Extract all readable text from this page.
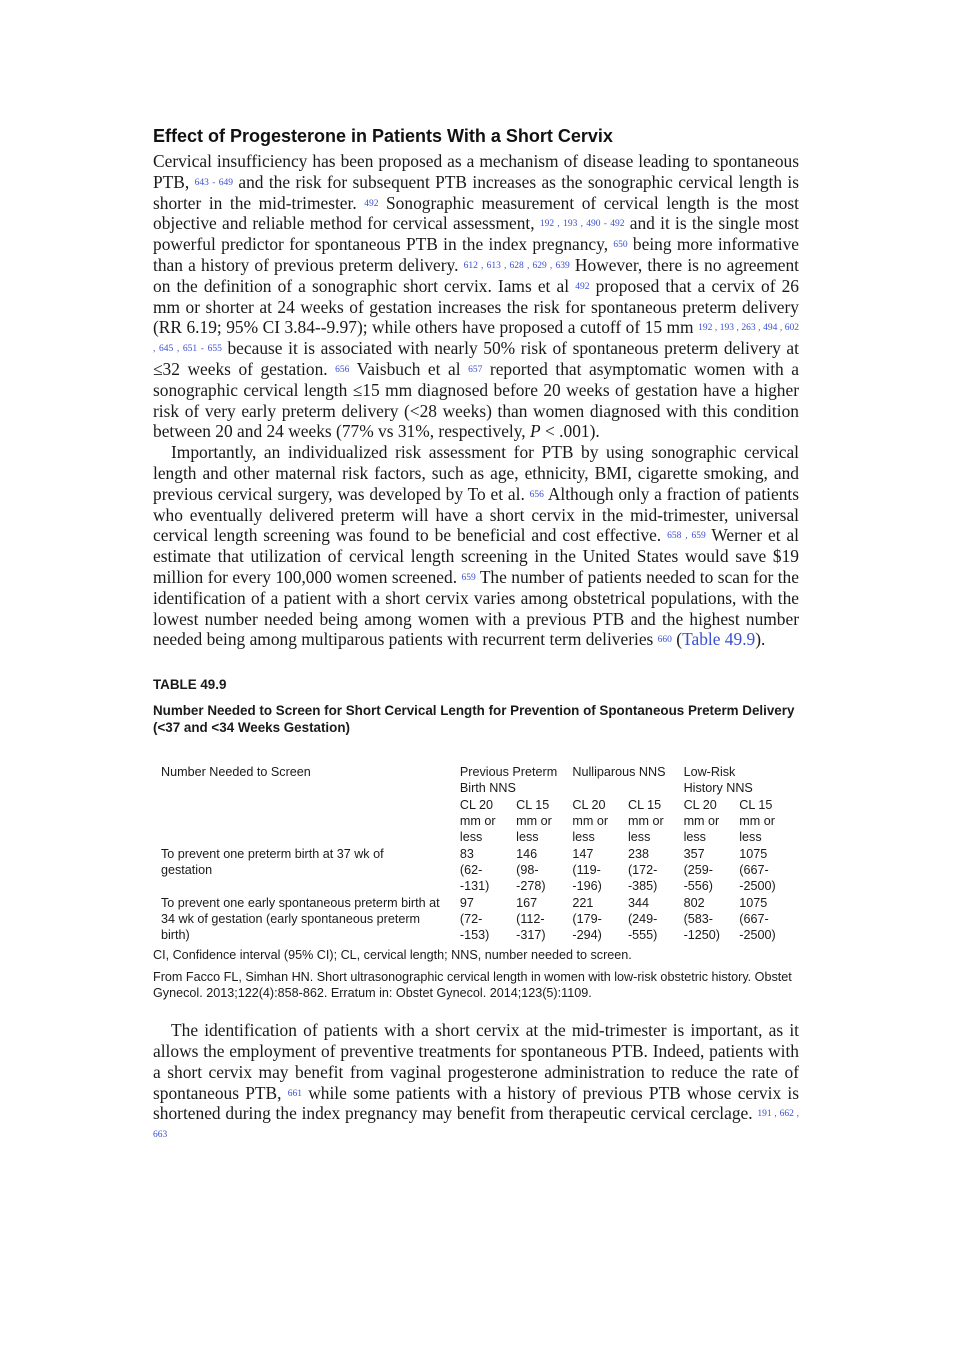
Effect of Progesterone in Patients With a Short Cervix

Cervical insufficiency has been proposed as a mechanism of disease leading to spontaneous PTB, 643 - 649 and the risk for subsequent PTB increases as the sonographic cervical length is shorter in the mid-trimester. 492 Sonographic measurement of cervical length is the most objective and reliable method for cervical assessment, 192 , 193 , 490 - 492 and it is the single most powerful predictor for spontaneous PTB in the index pregnancy, 650 being more informative than a history of previous preterm delivery. 612 , 613 , 628 , 629 , 639 However, there is no agreement on the definition of a sonographic short cervix. Iams et al 492 proposed that a cervix of 26 mm or shorter at 24 weeks of gestation increases the risk for spontaneous preterm delivery (RR 6.19; 95% CI 3.84--9.97); while others have proposed a cutoff of 15 mm 192 , 193 , 263 , 494 , 602 , 645 , 651 - 655 because it is associated with nearly 50% risk of spontaneous preterm delivery at ≤32 weeks of gestation. 656 Vaisbuch et al 657 reported that asymptomatic women with a sonographic cervical length ≤15 mm diagnosed before 20 weeks of gestation have a higher risk of very early preterm delivery (<28 weeks) than women diagnosed with this condition between 20 and 24 weeks (77% vs 31%, respectively, P < .001).

Importantly, an individualized risk assessment for PTB by using sonographic cervical length and other maternal risk factors, such as age, ethnicity, BMI, cigarette smoking, and previous cervical surgery, was developed by To et al. 656 Although only a fraction of patients who eventually delivered preterm will have a short cervix in the mid-trimester, universal cervical length screening was found to be beneficial and cost effective. 658 , 659 Werner et al estimate that utilization of cervical length screening in the United States would save $19 million for every 100,000 women screened. 659 The number of patients needed to scan for the identification of a patient with a short cervix varies among obstetrical populations, with the lowest number needed being among women with a previous PTB and the highest number needed being among multiparous patients with recurrent term deliveries 660 (Table 49.9).

TABLE 49.9
Number Needed to Screen for Short Cervical Length for Prevention of Spontaneous Preterm Delivery (<37 and <34 Weeks Gestation)
Number Needed to Screen	Previous Preterm Birth NNS		Nulliparous NNS		Low-Risk History NNS	

	CL 20 mm or less	CL 15 mm or less	CL 20 mm or less	CL 15 mm or less	CL 20 mm or less	CL 15 mm or less

To prevent one preterm birth at 37 wk of gestation	83 (62--131)	146 (98--278)	147 (119--196)	238 (172--385)	357 (259--556)	1075 (667--2500)

To prevent one early spontaneous preterm birth at 34 wk of gestation (early spontaneous preterm birth)	97 (72--153)	167 (112--317)	221 (179--294)	344 (249--555)	802 (583--1250)	1075 (667--2500)

CI, Confidence interval (95% CI); CL, cervical length; NNS, number needed to screen.

From Facco FL, Simhan HN. Short ultrasonographic cervical length in women with low-risk obstetric history. Obstet Gynecol. 2013;122(4):858-862. Erratum in: Obstet Gynecol. 2014;123(5):1109.

The identification of patients with a short cervix at the mid-trimester is important, as it allows the employment of preventive treatments for spontaneous PTB. Indeed, patients with a short cervix may benefit from vaginal progesterone administration to reduce the rate of spontaneous PTB, 661 while some patients with a history of previous PTB whose cervix is shortened during the index pregnancy may benefit from therapeutic cervical cerclage. 191 , 662 , 663
